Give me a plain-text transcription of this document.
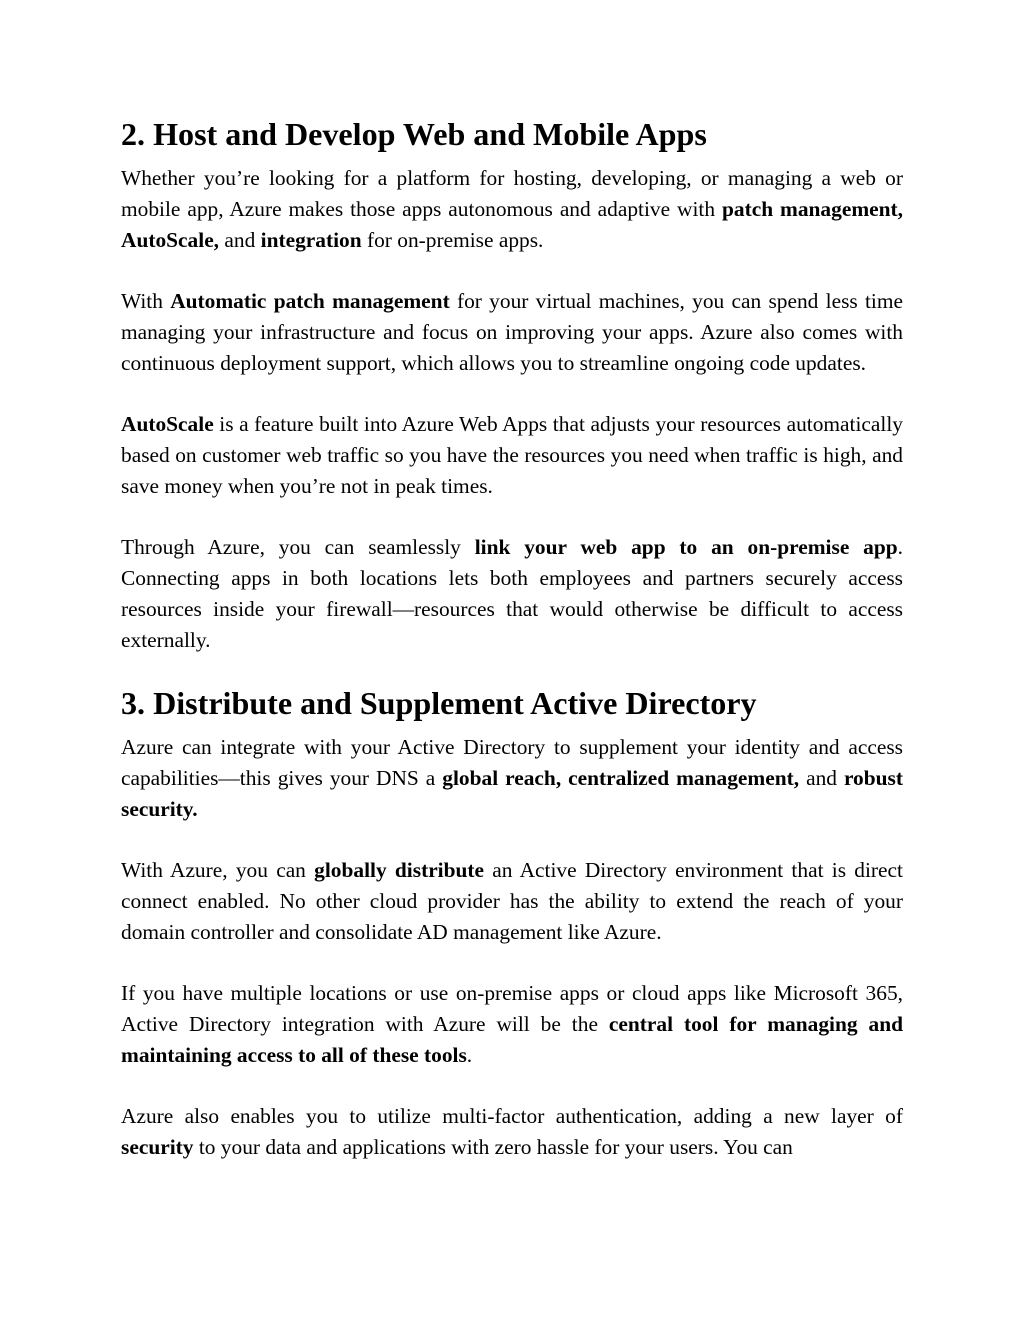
2. Host and Develop Web and Mobile Apps

Whether you’re looking for a platform for hosting, developing, or managing a web or mobile app, Azure makes those apps autonomous and adaptive with patch management, AutoScale, and integration for on-premise apps.

With Automatic patch management for your virtual machines, you can spend less time managing your infrastructure and focus on improving your apps. Azure also comes with continuous deployment support, which allows you to streamline ongoing code updates.

AutoScale is a feature built into Azure Web Apps that adjusts your resources automatically based on customer web traffic so you have the resources you need when traffic is high, and save money when you’re not in peak times.

Through Azure, you can seamlessly link your web app to an on-premise app. Connecting apps in both locations lets both employees and partners securely access resources inside your firewall—resources that would otherwise be difficult to access externally.

3. Distribute and Supplement Active Directory

Azure can integrate with your Active Directory to supplement your identity and access capabilities—this gives your DNS a global reach, centralized management, and robust security.

With Azure, you can globally distribute an Active Directory environment that is direct connect enabled. No other cloud provider has the ability to extend the reach of your domain controller and consolidate AD management like Azure.

If you have multiple locations or use on-premise apps or cloud apps like Microsoft 365, Active Directory integration with Azure will be the central tool for managing and maintaining access to all of these tools.

Azure also enables you to utilize multi-factor authentication, adding a new layer of security to your data and applications with zero hassle for your users. You can
